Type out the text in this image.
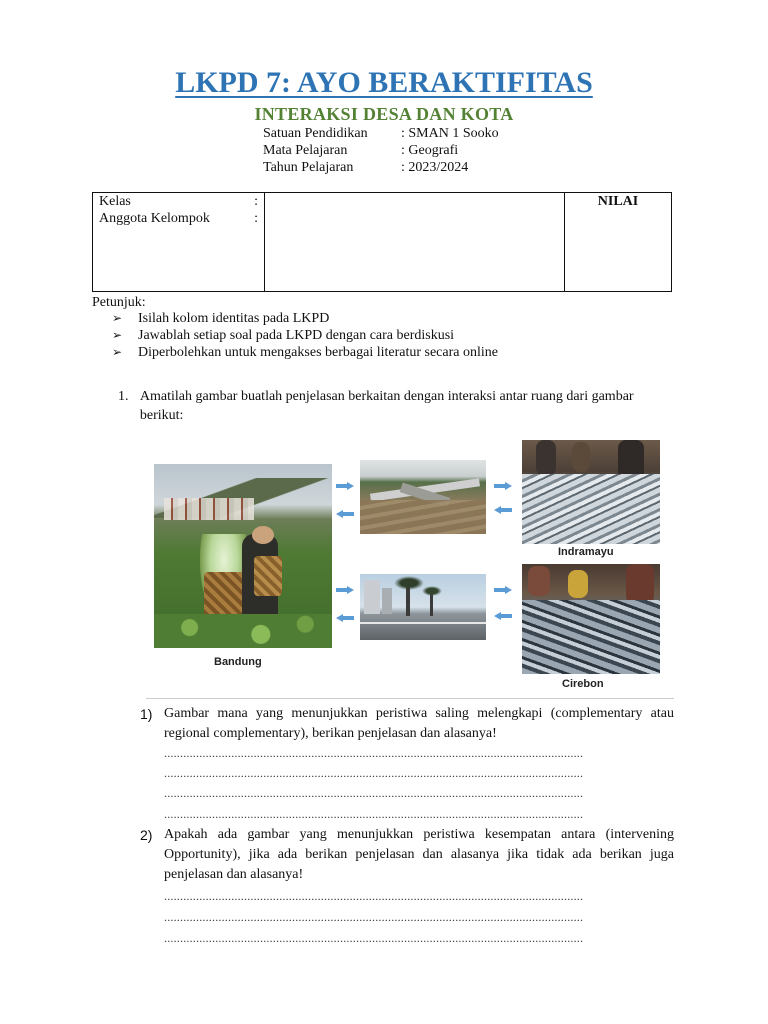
LKPD 7: AYO BERAKTIFITAS
INTERAKSI DESA DAN KOTA
Satuan Pendidikan	: SMAN 1 Sooko
Mata Pelajaran	: Geografi
Tahun Pelajaran	: 2023/2024
Kelas	:
Anggota Kelompok	:
NILAI
Petunjuk:
➢	Isilah kolom identitas pada LKPD
➢	Jawablah setiap soal pada LKPD dengan cara berdiskusi
➢	Diperbolehkan untuk mengakses berbagai literatur secara online
1. Amatilah gambar buatlah penjelasan berkaitan dengan interaksi antar ruang dari gambar berikut:
Bandung
Indramayu
Cirebon
1) Gambar mana yang menunjukkan peristiwa saling melengkapi (complementary atau regional complementary), berikan penjelasan dan alasanya!
...................................................................................................................................
...................................................................................................................................
...................................................................................................................................
...................................................................................................................................
2) Apakah ada gambar yang menunjukkan peristiwa kesempatan antara (intervening Opportunity), jika ada berikan penjelasan dan alasanya jika tidak ada berikan juga penjelasan dan alasanya!
...................................................................................................................................
...................................................................................................................................
...................................................................................................................................
